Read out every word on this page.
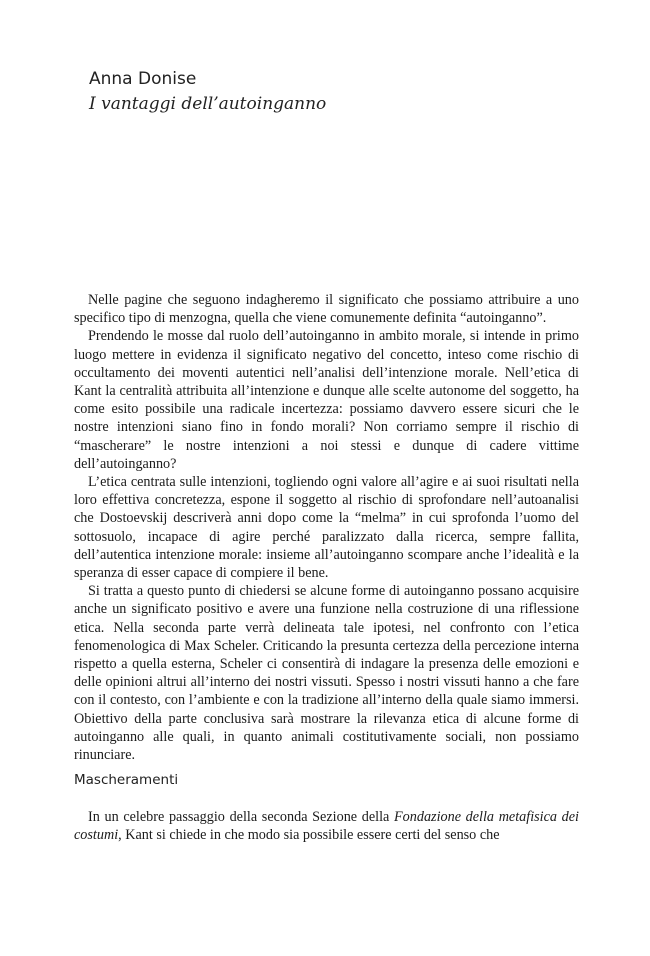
Anna Donise
I vantaggi dell’autoinganno

Nelle pagine che seguono indagheremo il significato che possiamo attribuire a uno specifico tipo di menzogna, quella che viene comunemente definita “autoinganno”.

Prendendo le mosse dal ruolo dell’autoinganno in ambito morale, si intende in primo luogo mettere in evidenza il significato negativo del concetto, inteso come rischio di occultamento dei moventi autentici nell’analisi dell’intenzione morale. Nell’etica di Kant la centralità attribuita all’intenzione e dunque alle scelte autonome del soggetto, ha come esito possibile una radicale incertezza: possiamo davvero essere sicuri che le nostre intenzioni siano fino in fondo morali? Non corriamo sempre il rischio di “mascherare” le nostre intenzioni a noi stessi e dunque di cadere vittime dell’autoinganno?

L’etica centrata sulle intenzioni, togliendo ogni valore all’agire e ai suoi risultati nella loro effettiva concretezza, espone il soggetto al rischio di sprofondare nell’autoanalisi che Dostoevskij descriverà anni dopo come la “melma” in cui sprofonda l’uomo del sottosuolo, incapace di agire perché paralizzato dalla ricerca, sempre fallita, dell’autentica intenzione morale: insieme all’autoinganno scompare anche l’idealità e la speranza di esser capace di compiere il bene.

Si tratta a questo punto di chiedersi se alcune forme di autoinganno possano acquisire anche un significato positivo e avere una funzione nella costruzione di una riflessione etica. Nella seconda parte verrà delineata tale ipotesi, nel confronto con l’etica fenomenologica di Max Scheler. Criticando la presunta certezza della percezione interna rispetto a quella esterna, Scheler ci consentirà di indagare la presenza delle emozioni e delle opinioni altrui all’interno dei nostri vissuti. Spesso i nostri vissuti hanno a che fare con il contesto, con l’ambiente e con la tradizione all’interno della quale siamo immersi. Obiettivo della parte conclusiva sarà mostrare la rilevanza etica di alcune forme di autoinganno alle quali, in quanto animali costitutivamente sociali, non possiamo rinunciare.

Mascheramenti

In un celebre passaggio della seconda Sezione della Fondazione della metafisica dei costumi, Kant si chiede in che modo sia possibile essere certi del senso che
